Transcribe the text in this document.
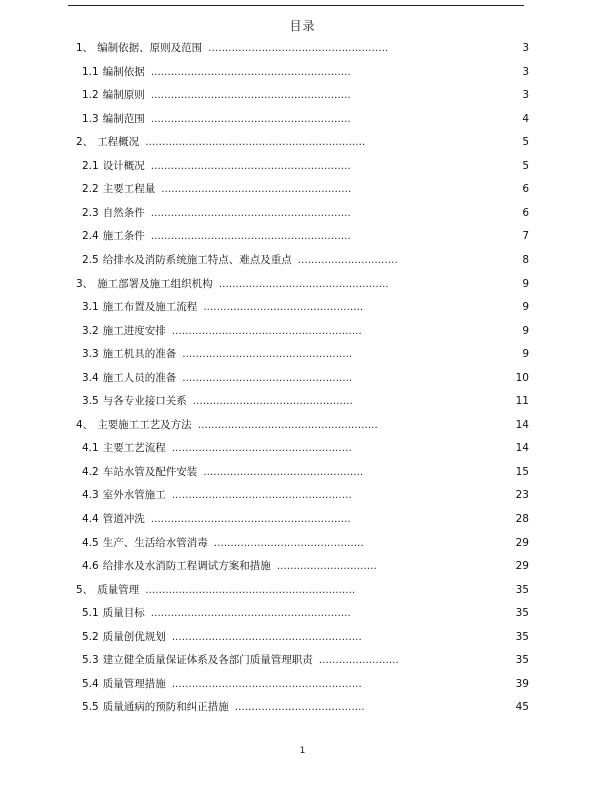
目录
1、 编制依据、原则及范围 ………………………………………………	3
1.1 编制依据 ……………………………………………………	3
1.2 编制原则 ……………………………………………………	3
1.3 编制范围 ……………………………………………………	4
2、 工程概况 …………………………………………………………	5
2.1 设计概况 ……………………………………………………	5
2.2 主要工程量 …………………………………………………	6
2.3 自然条件 ……………………………………………………	6
2.4 施工条件 ……………………………………………………	7
2.5 给排水及消防系统施工特点、难点及重点 …………………………	8
3、 施工部署及施工组织机构 ……………………………………………	9
3.1 施工布置及施工流程 …………………………………………	9
3.2 施工进度安排 …………………………………………………	9
3.3 施工机具的准备 ……………………………………………	9
3.4 施工人员的准备 ……………………………………………	10
3.5 与各专业接口关系 …………………………………………	11
4、 主要施工工艺及方法 ………………………………………………	14
4.1 主要工艺流程 ………………………………………………	14
4.2 车站水管及配件安装 …………………………………………	15
4.3 室外水管施工 ………………………………………………	23
4.4 管道冲洗 ……………………………………………………	28
4.5 生产、生活给水管消毒 ………………………………………	29
4.6 给排水及水消防工程调试方案和措施 …………………………	29
5、 质量管理 ………………………………………………………	35
5.1 质量目标 ……………………………………………………	35
5.2 质量创优规划 …………………………………………………	35
5.3 建立健全质量保证体系及各部门质量管理职责 ……………………	35
5.4 质量管理措施 …………………………………………………	39
5.5 质量通病的预防和纠正措施 …………………………………	45
1
